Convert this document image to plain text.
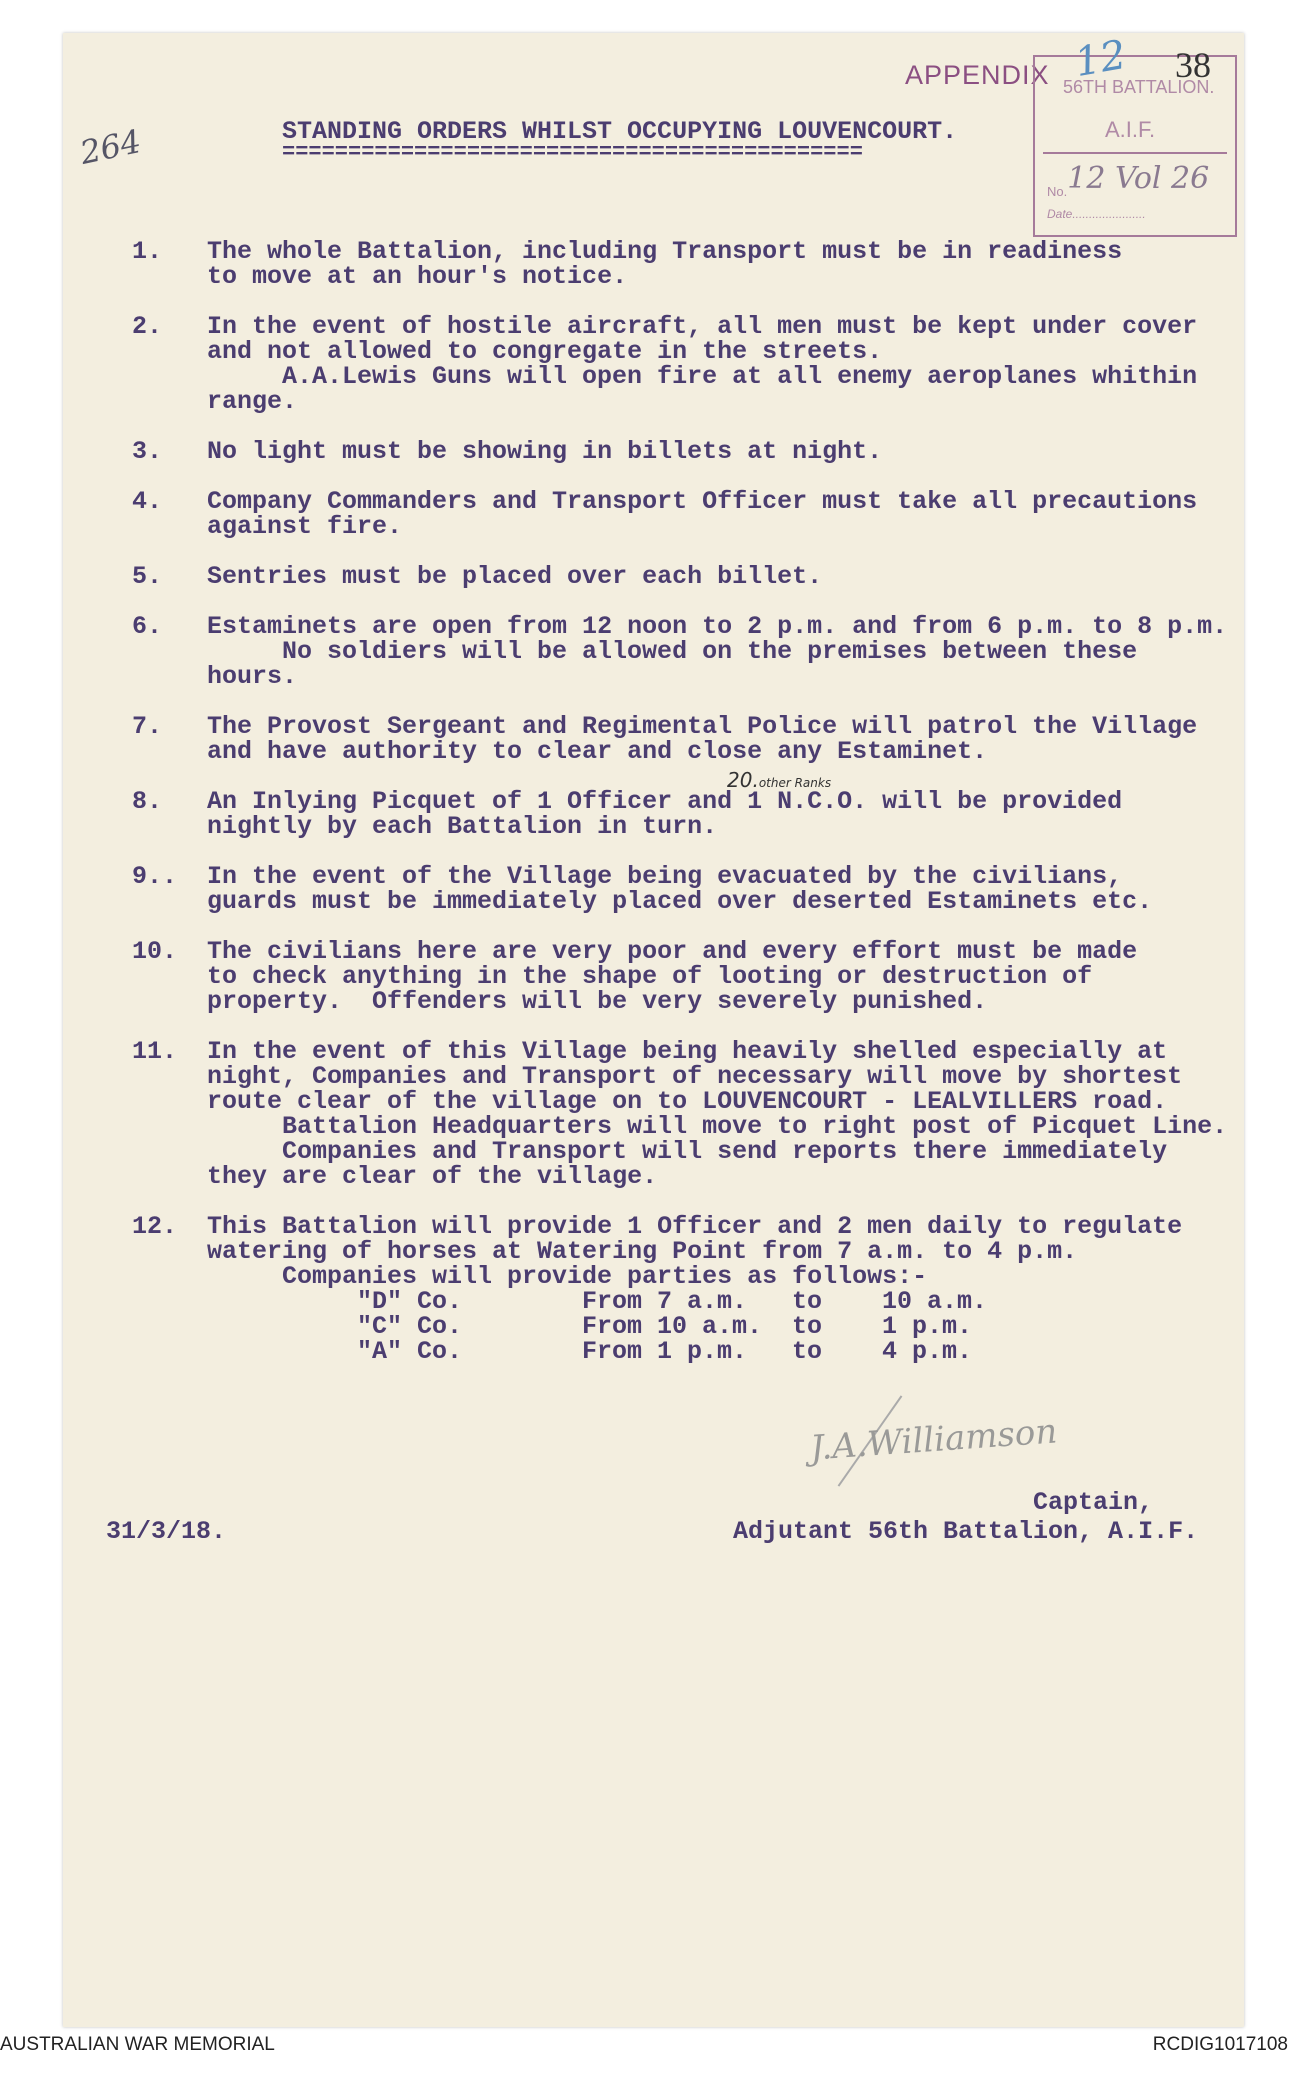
264
APPENDIX 56TH BATTALION.
A.I.F.
No.12 Vol 26
Date......................
12 38
STANDING ORDERS WHILST OCCUPYING LOUVENCOURT.
============================================
20.other Ranks
1.	The whole Battalion, including Transport must be in readiness
to move at an hour's notice.
2.	In the event of hostile aircraft, all men must be kept under cover
and not allowed to congregate in the streets.
A.A.Lewis Guns will open fire at all enemy aeroplanes whithin
range.
3.	No light must be showing in billets at night.
4.	Company Commanders and Transport Officer must take all precautions
against fire.
5.	Sentries must be placed over each billet.
6.	Estaminets are open from 12 noon to 2 p.m. and from 6 p.m. to 8 p.m.
No soldiers will be allowed on the premises between these
hours.
7.	The Provost Sergeant and Regimental Police will patrol the Village
and have authority to clear and close any Estaminet.
8.	An Inlying Picquet of 1 Officer and 1 N.C.O. will be provided
nightly by each Battalion in turn.
9..	In the event of the Village being evacuated by the civilians,
guards must be immediately placed over deserted Estaminets etc.
10.	The civilians here are very poor and every effort must be made
to check anything in the shape of looting or destruction of
property.  Offenders will be very severely punished.
11.	In the event of this Village being heavily shelled especially at
night, Companies and Transport of necessary will move by shortest
route clear of the village on to LOUVENCOURT - LEALVILLERS road.
Battalion Headquarters will move to right post of Picquet Line.
Companies and Transport will send reports there immediately
they are clear of the village.
12.	This Battalion will provide 1 Officer and 2 men daily to regulate
watering of horses at Watering Point from 7 a.m. to 4 p.m.
Companies will provide parties as follows:-
"D" Co.	From 7 a.m. to 10 a.m.
"C" Co.	From 10 a.m. to 1 p.m.
"A" Co.	From 1 p.m. to 4 p.m.
J.A.Williamson
Captain,
Adjutant 56th Battalion, A.I.F.
31/3/18.
AUSTRALIAN WAR MEMORIAL	RCDIG1017108
